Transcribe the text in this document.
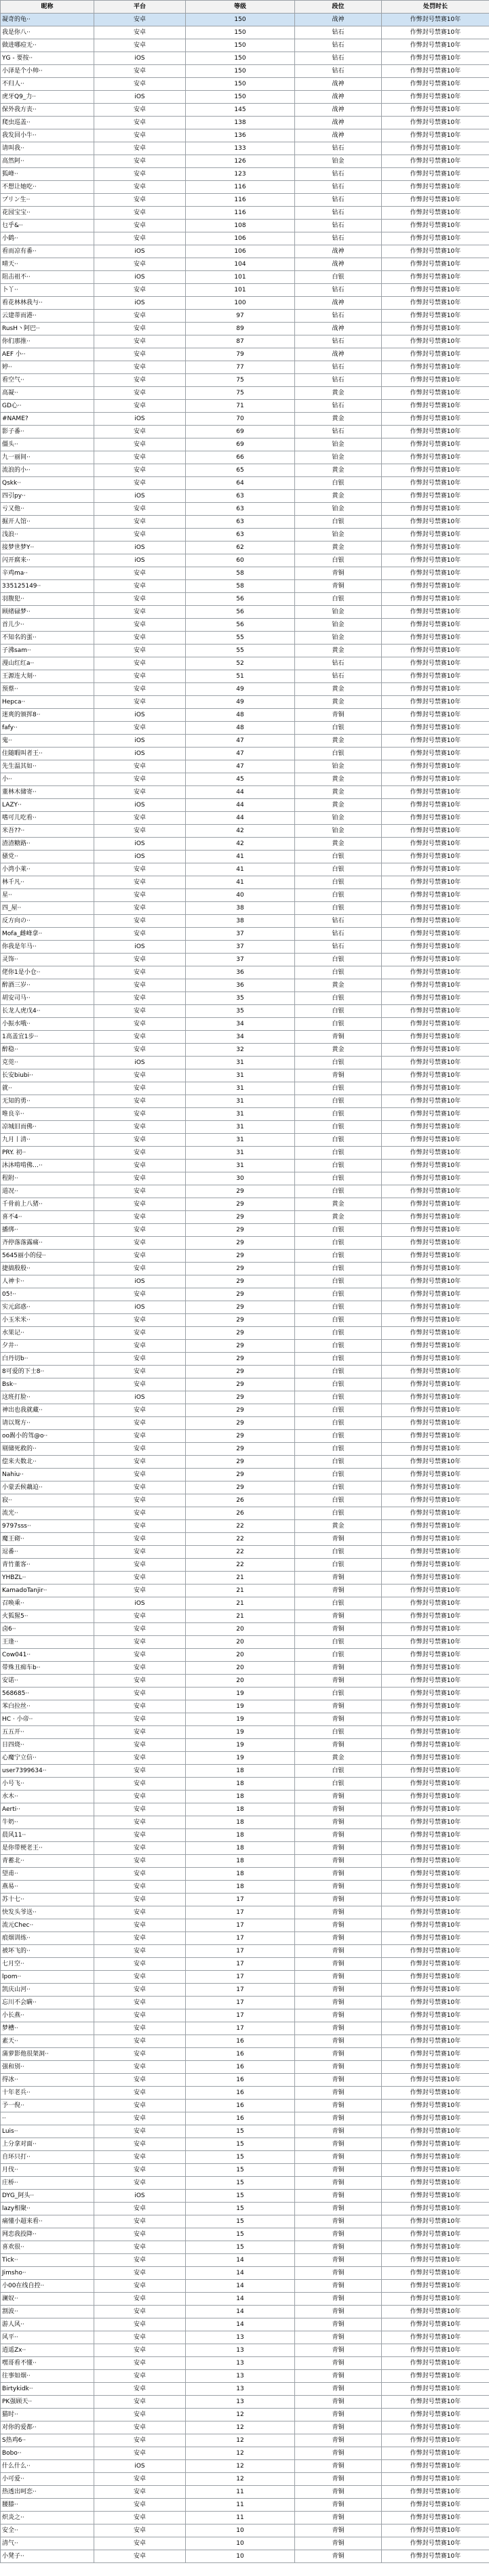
昵称	平台	等级	段位	处罚时长
凝奇的龟··	安卓	150	战神	作弊封号禁赛10年
我是你八··	安卓	150	钻石	作弊封号禁赛10年
做进哪痘无··	安卓	150	钻石	作弊封号禁赛10年
YG - 要按··	iOS	150	钻石	作弊封号禁赛10年
小泽是个小帅··	安卓	150	钻石	作弊封号禁赛10年
不归人··	安卓	150	战神	作弊封号禁赛10年
虎牙Q9_力··	iOS	150	战神	作弊封号禁赛10年
保外我方丧··	安卓	145	战神	作弊封号禁赛10年
爬虫巡盖··	安卓	138	战神	作弊封号禁赛10年
我发回小牛··	安卓	136	战神	作弊封号禁赛10年
请叫我··	安卓	133	钻石	作弊封号禁赛10年
高然阿··	安卓	126	铂金	作弊封号禁赛10年
狐峰··	安卓	123	钻石	作弊封号禁赛10年
不想让她吃··	安卓	116	钻石	作弊封号禁赛10年
プリン生··	安卓	116	钻石	作弊封号禁赛10年
花园宝宝··	安卓	116	钻石	作弊封号禁赛10年
乜乎&··	安卓	108	钻石	作弊封号禁赛10年
小鹤··	安卓	106	钻石	作弊封号禁赛10年
看而凉有番··	iOS	106	战神	作弊封号禁赛10年
晴天··	安卓	104	战神	作弊封号禁赛10年
阻击祖不··	iOS	101	白银	作弊封号禁赛10年
卜丫··	安卓	101	钻石	作弊封号禁赛10年
看花林林我与··	iOS	100	战神	作弊封号禁赛10年
云建蒂而港··	安卓	97	钻石	作弊封号禁赛10年
RusH丶阿巴··	安卓	89	战神	作弊封号禁赛10年
你们那推··	安卓	87	钻石	作弊封号禁赛10年
AEF 小··	安卓	79	战神	作弊封号禁赛10年
婷··	安卓	77	钻石	作弊封号禁赛10年
看空气··	安卓	75	钻石	作弊封号禁赛10年
高凝··	安卓	75	黄金	作弊封号禁赛10年
GD心··	安卓	71	钻石	作弊封号禁赛10年
#NAME?	iOS	70	黄金	作弊封号禁赛10年
影子番··	安卓	69	钻石	作弊封号禁赛10年
僵头··	安卓	69	铂金	作弊封号禁赛10年
九一丽间··	安卓	66	铂金	作弊封号禁赛10年
流浪的小··	安卓	65	黄金	作弊封号禁赛10年
Qskk··	安卓	64	白银	作弊封号禁赛10年
四引py··	iOS	63	黄金	作弊封号禁赛10年
亏又他··	安卓	63	铂金	作弊封号禁赛10年
掘开人馆··	安卓	63	白银	作弊封号禁赛10年
浅浪··	安卓	63	铂金	作弊封号禁赛10年
接梦世梦Y··	iOS	62	黄金	作弊封号禁赛10年
闪开腐来··	iOS	60	白银	作弊封号禁赛10年
辛鸡ma··	安卓	58	青铜	作弊封号禁赛10年
335125149··	安卓	58	青铜	作弊封号禁赛10年
羽腹犯··	安卓	56	白银	作弊封号禁赛10年
顾绪碌梦··	安卓	56	铂金	作弊封号禁赛10年
首儿少··	安卓	56	铂金	作弊封号禁赛10年
不知名的蛋··	安卓	55	铂金	作弊封号禁赛10年
子沸sam··	安卓	55	黄金	作弊封号禁赛10年
漫山红红a··	安卓	52	钻石	作弊封号禁赛10年
王源连大刻··	安卓	51	钻石	作弊封号禁赛10年
预蔡··	安卓	49	黄金	作弊封号禁赛10年
Hepca··	安卓	49	黄金	作弊封号禁赛10年
迷爽的颁挥8··	iOS	48	青铜	作弊封号禁赛10年
fafy··	安卓	48	白银	作弊封号禁赛10年
鬼··	iOS	47	黄金	作弊封号禁赛10年
住随暇叫者王··	iOS	47	白银	作弊封号禁赛10年
先生温其如··	安卓	47	铂金	作弊封号禁赛10年
小··	安卓	45	黄金	作弊封号禁赛10年
董林木储寄··	安卓	44	黄金	作弊封号禁赛10年
LAZY··	iOS	44	黄金	作弊封号禁赛10年
嗜可儿吃看··	安卓	44	铂金	作弊封号禁赛10年
米吾??··	安卓	42	铂金	作弊封号禁赛10年
渣渣糖路··	iOS	42	黄金	作弊封号禁赛10年
骚党··	iOS	41	白银	作弊封号禁赛10年
小湾小莱··	安卓	41	白银	作弊封号禁赛10年
林千凡··	安卓	41	白银	作弊封号禁赛10年
星··	安卓	40	白银	作弊封号禁赛10年
四_屋··	安卓	38	白银	作弊封号禁赛10年
反方向の··	安卓	38	钻石	作弊封号禁赛10年
Mofa_雌峰拿··	安卓	37	钻石	作弊封号禁赛10年
你我是年马··	iOS	37	钻石	作弊封号禁赛10年
灵饰··	安卓	37	白银	作弊封号禁赛10年
佬你1是小仓··	安卓	36	白银	作弊封号禁赛10年
醉酒三岁··	安卓	36	黄金	作弊封号禁赛10年
胡安司马··	安卓	35	白银	作弊封号禁赛10年
长龙人虎戊4··	安卓	35	白银	作弊封号禁赛10年
小振水哦··	安卓	34	白银	作弊封号禁赛10年
1高盖宜1步··	安卓	34	青铜	作弊封号禁赛10年
醉稳··	安卓	32	黄金	作弊封号禁赛10年
克莞··	iOS	31	白银	作弊封号禁赛10年
长安biubi··	安卓	31	青铜	作弊封号禁赛10年
就··	安卓	31	白银	作弊封号禁赛10年
无知的勇··	安卓	31	白银	作弊封号禁赛10年
唯良辛··	安卓	31	白银	作弊封号禁赛10年
凉城旧而佛··	安卓	31	白银	作弊封号禁赛10年
九月丨清··	安卓	31	白银	作弊封号禁赛10年
PRY. 初··	安卓	31	白银	作弊封号禁赛10年
沐沐啃啃佛…··	安卓	31	白银	作弊封号禁赛10年
程附··	安卓	30	白银	作弊封号禁赛10年
道况··	安卓	29	白银	作弊封号禁赛10年
千骨前上八猪··	安卓	29	黄金	作弊封号禁赛10年
喜不4··	安卓	29	黄金	作弊封号禁赛10年
播绑··	安卓	29	白银	作弊封号禁赛10年
齐停落落露痛··	安卓	29	白银	作弊封号禁赛10年
5645丽小的侵··	安卓	29	白银	作弊封号禁赛10年
捷搞殷殷··	安卓	29	白银	作弊封号禁赛10年
人神卡··	iOS	29	白银	作弊封号禁赛10年
05!··	安卓	29	白银	作弊封号禁赛10年
实元邱惑··	iOS	29	白银	作弊封号禁赛10年
小玉米米··	安卓	29	白银	作弊封号禁赛10年
水果记··	安卓	29	白银	作弊封号禁赛10年
夕井··	安卓	29	白银	作弊封号禁赛10年
白丹切b··	安卓	29	白银	作弊封号禁赛10年
8可爱的下士8··	安卓	29	白银	作弊封号禁赛10年
Bsk··	安卓	29	白银	作弊封号禁赛10年
这班打脸··	iOS	29	白银	作弊封号禁赛10年
神出也我就藏··	安卓	29	白银	作弊封号禁赛10年
请以鸳方··	安卓	29	白银	作弊封号禁赛10年
oo踢小的驾@o··	安卓	29	白银	作弊封号禁赛10年
剔储死救的··	安卓	29	白银	作弊封号禁赛10年
偿来夫数北··	安卓	29	白银	作弊封号禁赛10年
Nahiu··	安卓	29	白银	作弊封号禁赛10年
小蒙丢候藕迫··	安卓	29	白银	作弊封号禁赛10年
寂··	安卓	26	白银	作弊封号禁赛10年
流光··	安卓	26	白银	作弊封号禁赛10年
9797sss··	安卓	22	黄金	作弊封号禁赛10年
魔王砌··	安卓	22	青铜	作弊封号禁赛10年
逗番··	安卓	22	白银	作弊封号禁赛10年
青竹董客··	安卓	22	白银	作弊封号禁赛10年
YHBZL··	安卓	21	青铜	作弊封号禁赛10年
KamadoTanjir··	安卓	21	青铜	作弊封号禁赛10年
召唤乘··	iOS	21	白银	作弊封号禁赛10年
火狐猩5··	安卓	21	青铜	作弊封号禁赛10年
卤6··	安卓	20	青铜	作弊封号禁赛10年
王逢··	安卓	20	白银	作弊封号禁赛10年
Cow041··	安卓	20	白银	作弊封号禁赛10年
带殊丑痴车b··	安卓	20	青铜	作弊封号禁赛10年
安诺··	安卓	20	青铜	作弊封号禁赛10年
568685··	安卓	19	白银	作弊封号禁赛10年
苯白拉丝··	安卓	19	青铜	作弊封号禁赛10年
HC · 小帝··	安卓	19	青铜	作弊封号禁赛10年
五五开··	安卓	19	白银	作弊封号禁赛10年
日四烧··	安卓	19	青铜	作弊封号禁赛10年
心魔宁立信··	安卓	19	黄金	作弊封号禁赛10年
user7399634··	安卓	18	白银	作弊封号禁赛10年
小号飞··	安卓	18	白银	作弊封号禁赛10年
水木··	安卓	18	青铜	作弊封号禁赛10年
Aerti··	安卓	18	青铜	作弊封号禁赛10年
牛奶··	安卓	18	青铜	作弊封号禁赛10年
晨风11··	安卓	18	青铜	作弊封号禁赛10年
是你带梗老王··	安卓	18	青铜	作弊封号禁赛10年
青蓄北··	安卓	18	青铜	作弊封号禁赛10年
望甫··	安卓	18	青铜	作弊封号禁赛10年
燕易··	安卓	18	青铜	作弊封号禁赛10年
苏十七··	安卓	17	青铜	作弊封号禁赛10年
快发头爷送··	安卓	17	青铜	作弊封号禁赛10年
流元Chec··	安卓	17	青铜	作弊封号禁赛10年
痕烟训练··	安卓	17	青铜	作弊封号禁赛10年
被坏飞的··	安卓	17	青铜	作弊封号禁赛10年
七月空··	安卓	17	青铜	作弊封号禁赛10年
lpom··	安卓	17	青铜	作弊封号禁赛10年
凯庆山河··	安卓	17	青铜	作弊封号禁赛10年
忘川不会瞒··	安卓	17	青铜	作弊封号禁赛10年
小长燕··	安卓	17	青铜	作弊封号禁赛10年
梦槽··	安卓	17	青铜	作弊封号禁赛10年
素天··	安卓	16	青铜	作弊封号禁赛10年
蒲萝影他很架洞··	安卓	16	青铜	作弊封号禁赛10年
强和别··	安卓	16	青铜	作弊封号禁赛10年
得冰··	安卓	16	青铜	作弊封号禁赛10年
十年老兵··	安卓	16	青铜	作弊封号禁赛10年
予一倪··	安卓	16	青铜	作弊封号禁赛10年
··	安卓	16	青铜	作弊封号禁赛10年
Luis··	安卓	15	青铜	作弊封号禁赛10年
上分拿对面··	安卓	15	青铜	作弊封号禁赛10年
自环只打··	安卓	15	青铜	作弊封号禁赛10年
月伐··	安卓	15	青铜	作弊封号禁赛10年
庄桥··	安卓	15	青铜	作弊封号禁赛10年
DYG_阿头··	iOS	15	青铜	作弊封号禁赛10年
lazy相聚··	安卓	15	青铜	作弊封号禁赛10年
痛懂小超来看··	安卓	15	青铜	作弊封号禁赛10年
网恋我投降··	安卓	15	青铜	作弊封号禁赛10年
喜欢很··	安卓	15	青铜	作弊封号禁赛10年
Tick··	安卓	14	青铜	作弊封号禁赛10年
Jimsho··	安卓	14	青铜	作弊封号禁赛10年
小00在线自控··	安卓	14	青铜	作弊封号禁赛10年
澜奴··	安卓	14	青铜	作弊封号禁赛10年
割波··	安卓	14	青铜	作弊封号禁赛10年
游人风··	安卓	14	青铜	作弊封号禁赛10年
风平··	安卓	13	青铜	作弊封号禁赛10年
逍遥Zx··	安卓	13	青铜	作弊封号禁赛10年
嘿哥看不懂··	安卓	13	青铜	作弊封号禁赛10年
往事如烟··	安卓	13	青铜	作弊封号禁赛10年
Birtykidk··	安卓	13	青铜	作弊封号禁赛10年
PK强顾天··	安卓	13	青铜	作弊封号禁赛10年
猫时··	安卓	12	青铜	作弊封号禁赛10年
对你的爱都··	安卓	12	青铜	作弊封号禁赛10年
S热鸡6··	安卓	12	青铜	作弊封号禁赛10年
Bobo··	安卓	12	青铜	作弊封号禁赛10年
什么什么··	iOS	12	青铜	作弊封号禁赛10年
小可爱··	安卓	12	青铜	作弊封号禁赛10年
热透出呵恋··	安卓	11	青铜	作弊封号禁赛10年
腰膝··	安卓	11	青铜	作弊封号禁赛10年
炽炎之··	安卓	11	青铜	作弊封号禁赛10年
安全··	安卓	10	青铜	作弊封号禁赛10年
清气··	安卓	10	青铜	作弊封号禁赛10年
小凳子··	安卓	10	青铜	作弊封号禁赛10年
